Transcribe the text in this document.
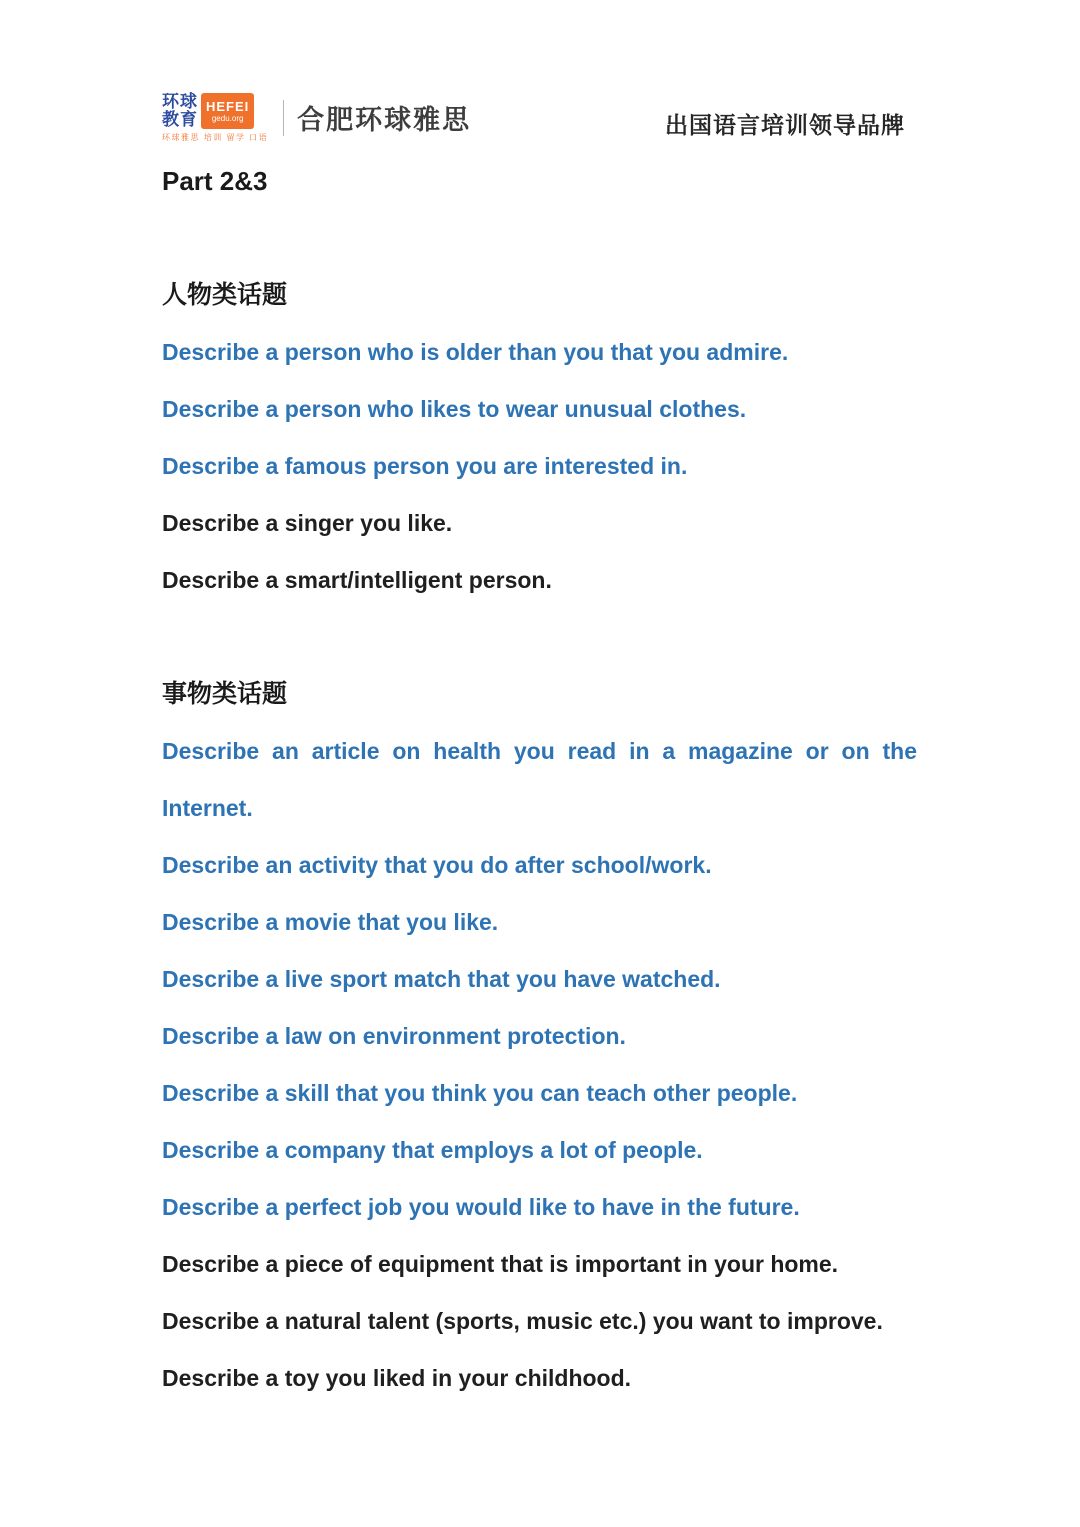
环球
教育
HEFEI
gedu.org
环球雅思 培训 留学 口语
合肥环球雅思	出国语言培训领导品牌

Part 2&3

人物类话题

Describe a person who is older than you that you admire.

Describe a person who likes to wear unusual clothes.

Describe a famous person you are interested in.

Describe a singer you like.

Describe a smart/intelligent person.

事物类话题

Describe an article on health you read in a magazine or on the Internet.

Describe an activity that you do after school/work.

Describe a movie that you like.

Describe a live sport match that you have watched.

Describe a law on environment protection.

Describe a skill that you think you can teach other people.

Describe a company that employs a lot of people.

Describe a perfect job you would like to have in the future.

Describe a piece of equipment that is important in your home.

Describe a natural talent (sports, music etc.) you want to improve.

Describe a toy you liked in your childhood.
